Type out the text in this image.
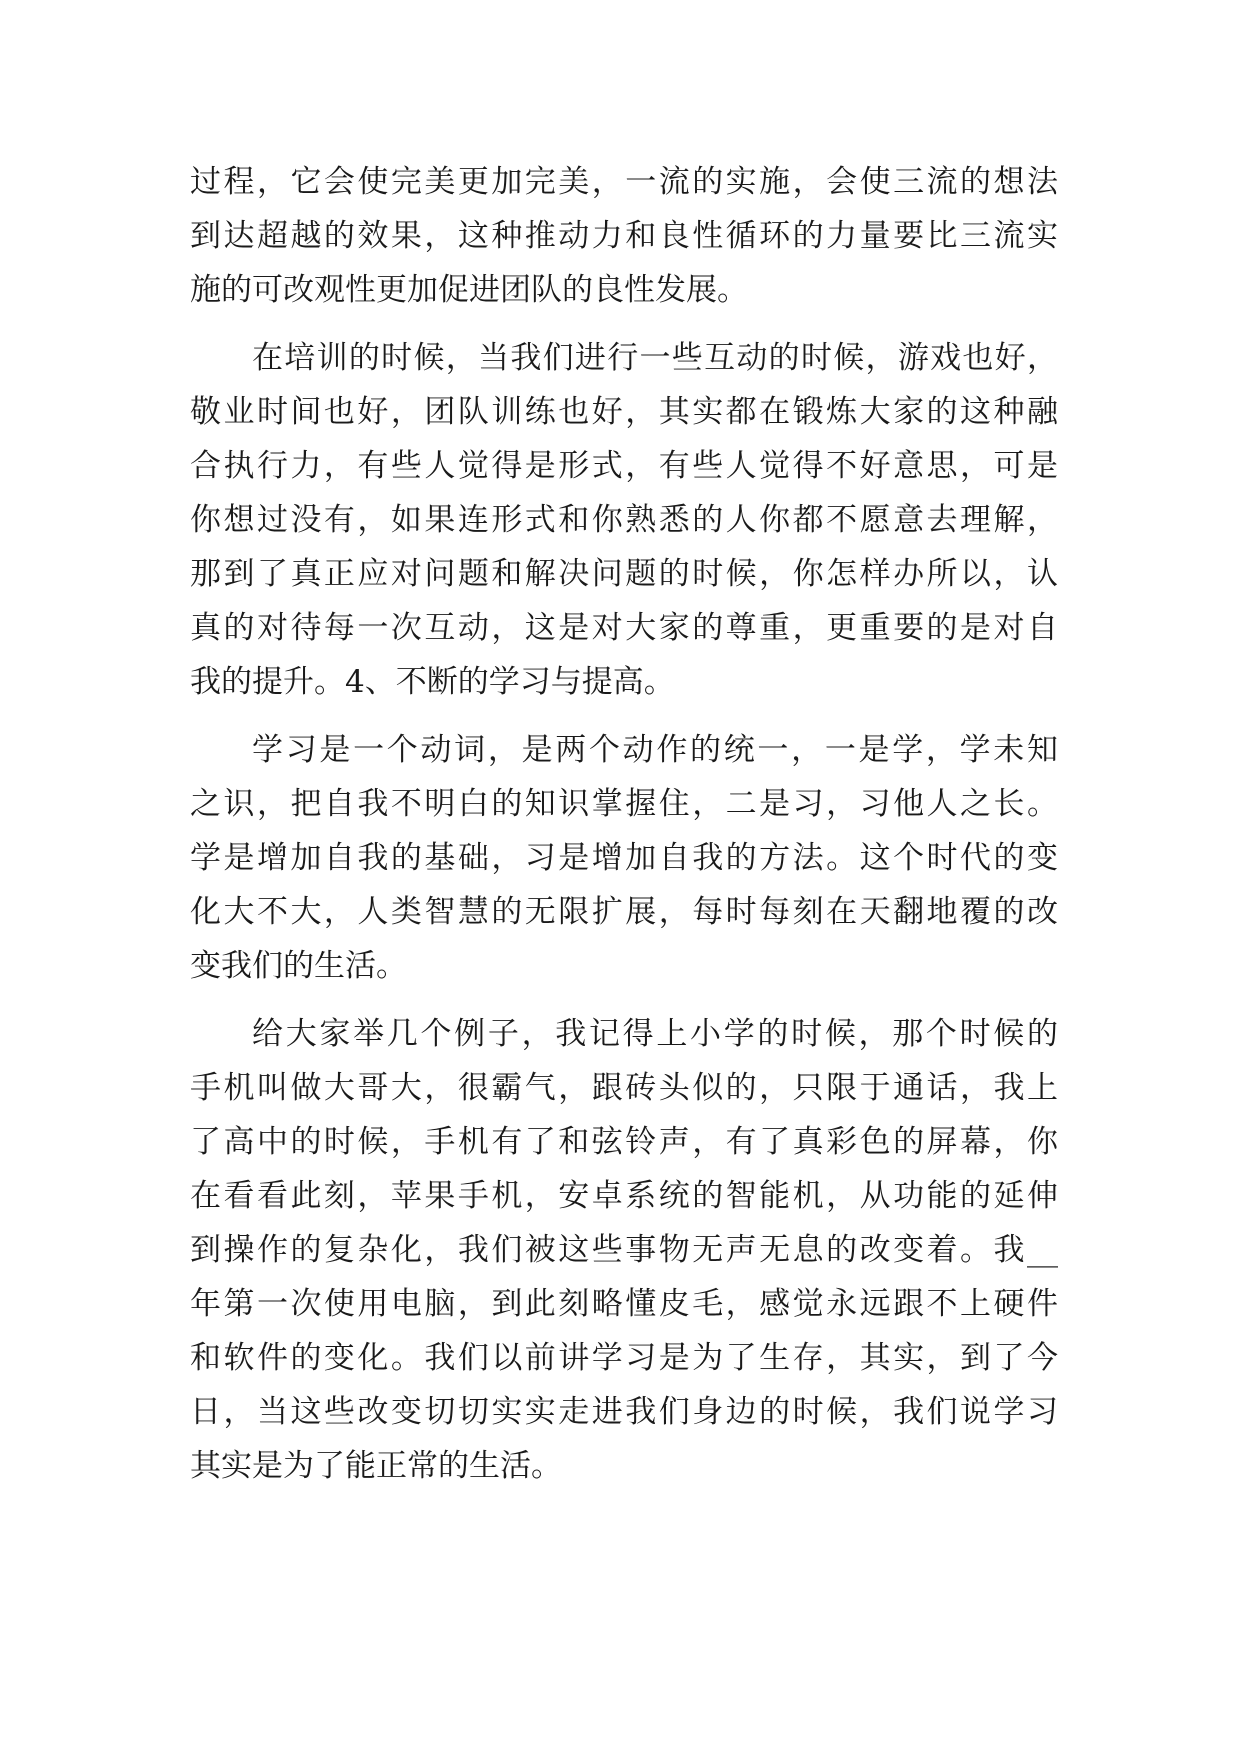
过程，它会使完美更加完美，一流的实施，会使三流的想法
到达超越的效果，这种推动力和良性循环的力量要比三流实
施的可改观性更加促进团队的良性发展。
在培训的时候，当我们进行一些互动的时候，游戏也好，
敬业时间也好，团队训练也好，其实都在锻炼大家的这种融
合执行力，有些人觉得是形式，有些人觉得不好意思，可是
你想过没有，如果连形式和你熟悉的人你都不愿意去理解，
那到了真正应对问题和解决问题的时候，你怎样办所以，认
真的对待每一次互动，这是对大家的尊重，更重要的是对自
我的提升。4、不断的学习与提高。
学习是一个动词，是两个动作的统一，一是学，学未知
之识，把自我不明白的知识掌握住，二是习，习他人之长。
学是增加自我的基础，习是增加自我的方法。这个时代的变
化大不大，人类智慧的无限扩展，每时每刻在天翻地覆的改
变我们的生活。
给大家举几个例子，我记得上小学的时候，那个时候的
手机叫做大哥大，很霸气，跟砖头似的，只限于通话，我上
了高中的时候，手机有了和弦铃声，有了真彩色的屏幕，你
在看看此刻，苹果手机，安卓系统的智能机，从功能的延伸
到操作的复杂化，我们被这些事物无声无息的改变着。我__
年第一次使用电脑，到此刻略懂皮毛，感觉永远跟不上硬件
和软件的变化。我们以前讲学习是为了生存，其实，到了今
日，当这些改变切切实实走进我们身边的时候，我们说学习
其实是为了能正常的生活。
